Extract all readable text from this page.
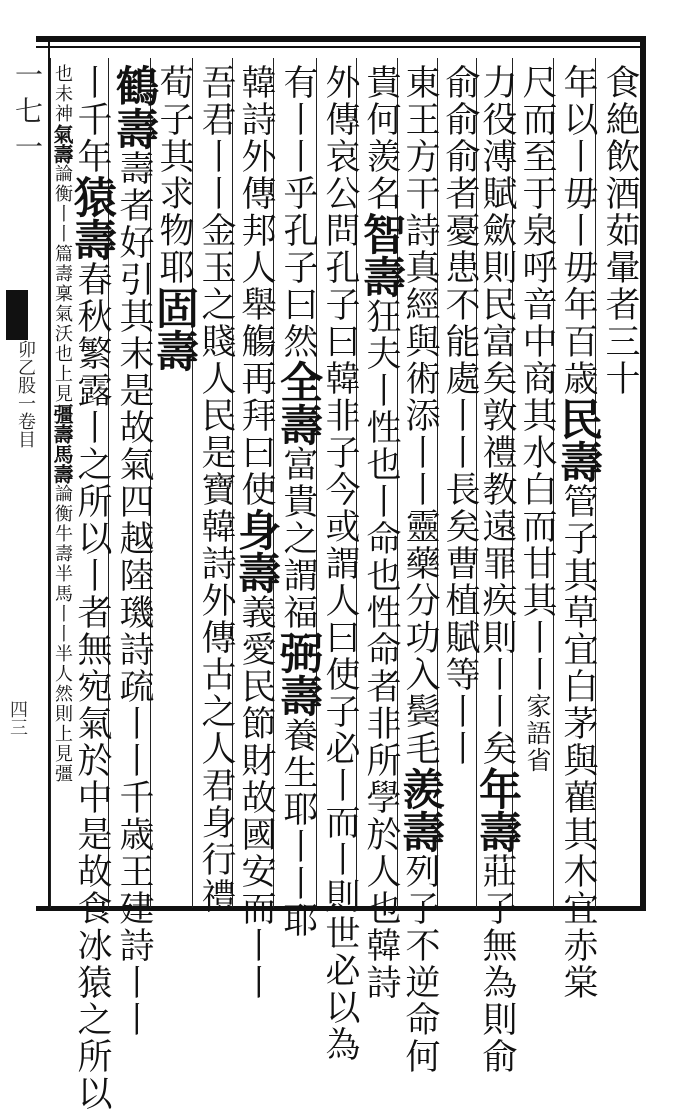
食絶飲酒茹暈者三十
年以丨毋丨毋年百歳民壽管子其草宜白茅與雚其木宜赤棠
尺而至于泉呼音中商其水白而甘其丨丨家語省
力役溥賦歛則民富矣敦禮教遠罪疾則丨丨矣年壽莊子無為則俞
俞俞俞者憂患不能處丨丨長矣曹植賦等丨丨
東王方干詩真經與術添丨丨靈藥分功入鬓毛羨壽列子不逆命何
貴何羨名智壽狂夫丨性也丨命也性命者非所學於人也韓詩
外傳哀公問孔子曰韓非子今或謂人曰使子必丨而丨則世必以為
有丨丨乎孔子曰然全壽富貴之謂福弼壽養生耶丨丨耶
韓詩外傳邦人舉觴再拜曰使身壽義愛民節財故國安而丨丨
吾君丨丨金玉之賤人民是寶韓詩外傳古之人君身行禮
荀子其求物耶固壽
鶴壽壽者好引其末是故氣四越陸璣詩疏丨丨千歳王建詩丨丨
丨千年猿壽春秋繁露丨之所以丨者無宛氣於中是故食冰猿之所以
也未神氣壽論衡丨丨篇壽稟氣沃也上見彊壽馬壽論衡牛壽半馬丨丨半人然則上見彊
一七一
卯乙股一卷目
四三
